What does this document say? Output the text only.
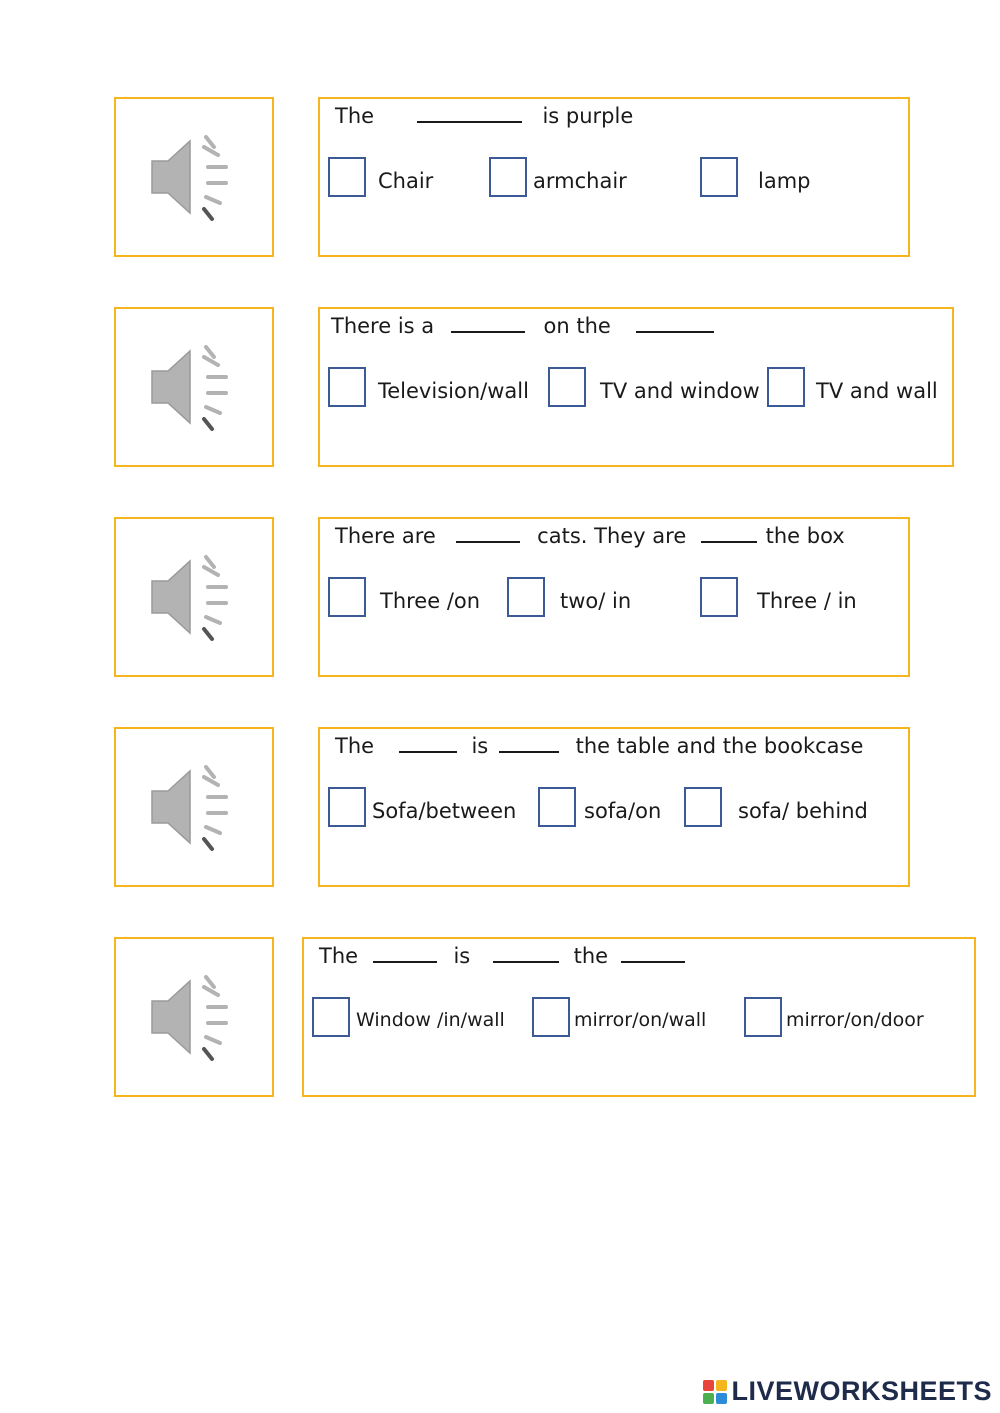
The	is purple
Chair	armchair	lamp
There is a	on the
Television/wall	TV and window	TV and wall
There are	cats. They are	the box
Three /on	two/ in	Three / in
The	is	the table and the bookcase
Sofa/between	sofa/on	sofa/ behind
The	is	the
Window /in/wall	mirror/on/wall	mirror/on/door
LIVEWORKSHEETS
